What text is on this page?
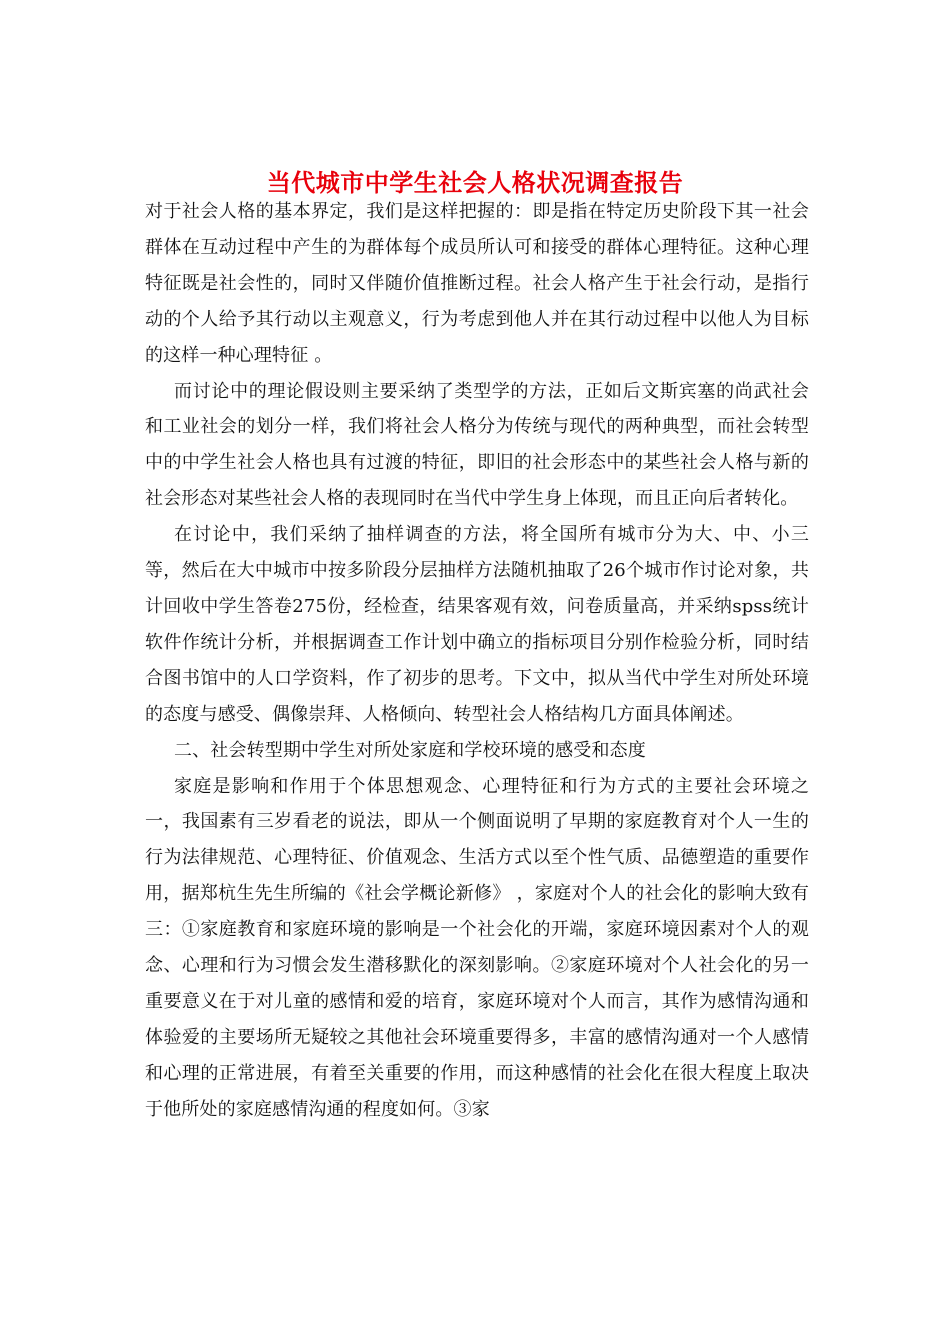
当代城市中学生社会人格状况调查报告

对于社会人格的基本界定，我们是这样把握的：即是指在特定历史阶段下其一社会群体在互动过程中产生的为群体每个成员所认可和接受的群体心理特征。这种心理特征既是社会性的，同时又伴随价值推断过程。社会人格产生于社会行动，是指行动的个人给予其行动以主观意义，行为考虑到他人并在其行动过程中以他人为目标的这样一种心理特征 。

而讨论中的理论假设则主要采纳了类型学的方法，正如后文斯宾塞的尚武社会和工业社会的划分一样，我们将社会人格分为传统与现代的两种典型，而社会转型中的中学生社会人格也具有过渡的特征，即旧的社会形态中的某些社会人格与新的社会形态对某些社会人格的表现同时在当代中学生身上体现，而且正向后者转化。

在讨论中，我们采纳了抽样调查的方法，将全国所有城市分为大、中、小三等，然后在大中城市中按多阶段分层抽样方法随机抽取了26个城市作讨论对象，共计回收中学生答卷275份，经检查，结果客观有效，问卷质量高，并采纳spss统计软件作统计分析，并根据调查工作计划中确立的指标项目分别作检验分析，同时结合图书馆中的人口学资料，作了初步的思考。下文中，拟从当代中学生对所处环境的态度与感受、偶像崇拜、人格倾向、转型社会人格结构几方面具体阐述。

二、社会转型期中学生对所处家庭和学校环境的感受和态度

家庭是影响和作用于个体思想观念、心理特征和行为方式的主要社会环境之一，我国素有三岁看老的说法，即从一个侧面说明了早期的家庭教育对个人一生的行为法律规范、心理特征、价值观念、生活方式以至个性气质、品德塑造的重要作用，据郑杭生先生所编的《社会学概论新修》 ，家庭对个人的社会化的影响大致有三：①家庭教育和家庭环境的影响是一个社会化的开端，家庭环境因素对个人的观念、心理和行为习惯会发生潜移默化的深刻影响。②家庭环境对个人社会化的另一重要意义在于对儿童的感情和爱的培育，家庭环境对个人而言，其作为感情沟通和体验爱的主要场所无疑较之其他社会环境重要得多，丰富的感情沟通对一个人感情和心理的正常进展，有着至关重要的作用，而这种感情的社会化在很大程度上取决于他所处的家庭感情沟通的程度如何。③家
